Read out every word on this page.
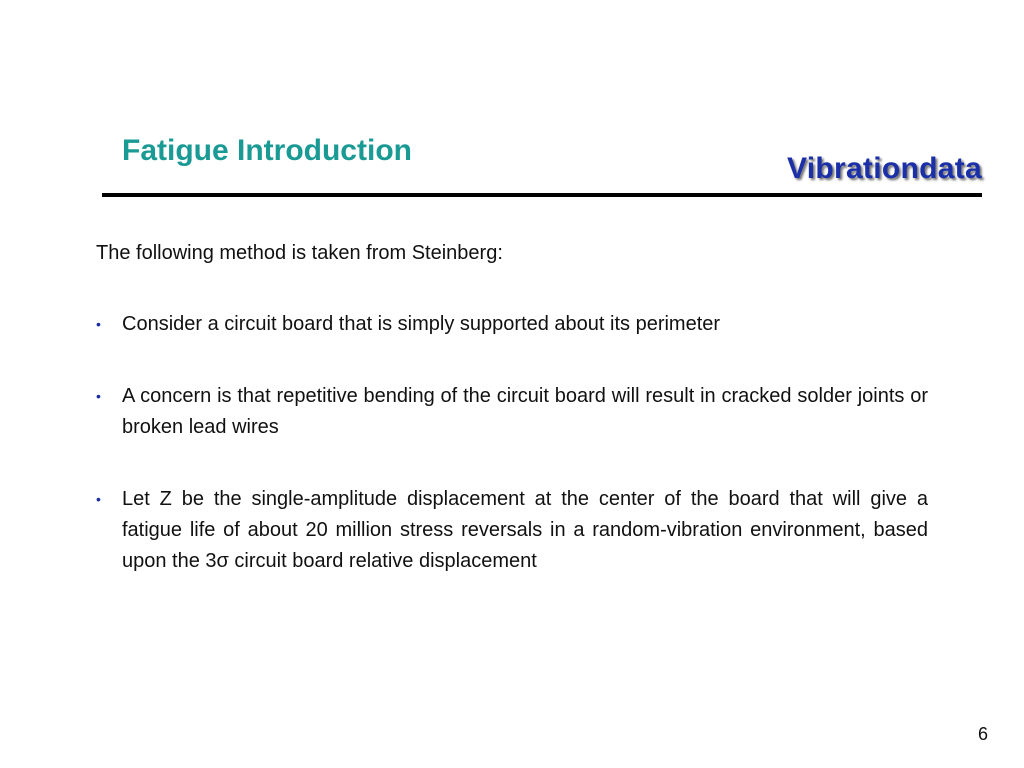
Fatigue Introduction
Vibrationdata

The following method is taken from Steinberg:

• Consider a circuit board that is simply supported about its perimeter
• A concern is that repetitive bending of the circuit board will result in cracked solder joints or broken lead wires
• Let Z be the single-amplitude displacement at the center of the board that will give a fatigue life of about 20 million stress reversals in a random-vibration environment, based upon the 3σ circuit board relative displacement
6
